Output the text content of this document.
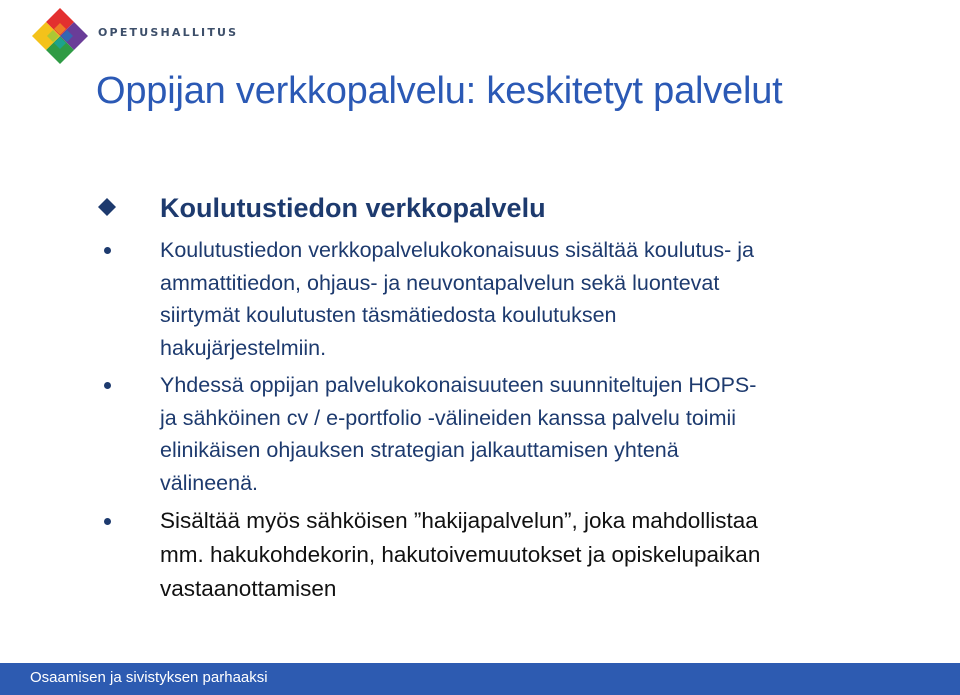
OPETUSHALLITUS
Oppijan verkkopalvelu: keskitetyt palvelut
Koulutustiedon verkkopalvelu
Koulutustiedon verkkopalvelukokonaisuus sisältää koulutus- ja
ammattitiedon, ohjaus- ja neuvontapalvelun sekä luontevat
siirtymät koulutusten täsmätiedosta koulutuksen
hakujärjestelmiin.
Yhdessä oppijan palvelukokonaisuuteen suunniteltujen HOPS-
ja sähköinen cv / e-portfolio -välineiden kanssa palvelu toimii
elinikäisen ohjauksen strategian jalkauttamisen yhtenä
välineenä.
Sisältää myös sähköisen ”hakijapalvelun”, joka mahdollistaa
mm. hakukohdekorin, hakutoivemuutokset ja opiskelupaikan
vastaanottamisen
Osaamisen ja sivistyksen parhaaksi
